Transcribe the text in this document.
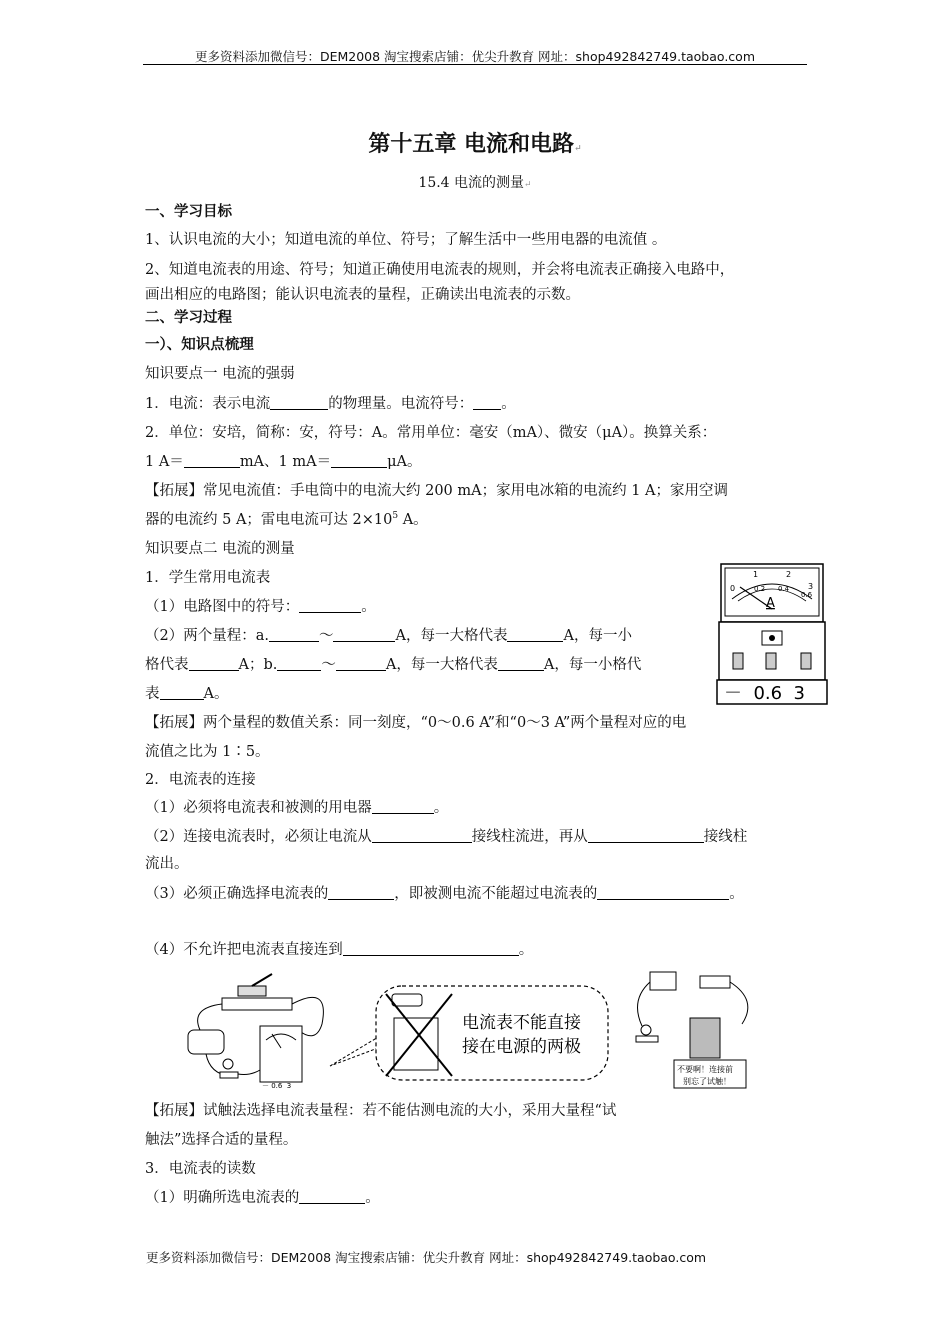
更多资料添加微信号：DEM2008 淘宝搜索店铺：优尖升教育 网址：shop492842749.taobao.com
第十五章 电流和电路↵
15.4 电流的测量↵
一、学习目标
1、认识电流的大小；知道电流的单位、符号；了解生活中一些用电器的电流值 。
2、知道电流表的用途、符号；知道正确使用电流表的规则，并会将电流表正确接入电路中，
画出相应的电路图；能认识电流表的量程，正确读出电流表的示数。
二、学习过程
一）、知识点梳理
知识要点一 电流的强弱
1．电流：表示电流	的物理量。电流符号： 。
2．单位：安培，简称：安，符号：A。常用单位：毫安（mA）、微安（μA）。换算关系：
1 A＝	mA、1 mA＝	μA。
【拓展】常见电流值：手电筒中的电流大约 200 mA；家用电冰箱的电流约 1 A；家用空调
器的电流约 5 A；雷电电流可达 $2\times 10^5$ A。
知识要点二 电流的测量
1．学生常用电流表
（1）电路图中的符号：	。
（2）两个量程：a.	～	A，每一大格代表	A，每一小
格代表	A；b.	～	A，每一大格代表	A，每一小格代
表	A。
【拓展】两个量程的数值关系：同一刻度，“0～0.6 A”和“0～3 A”两个量程对应的电
流值之比为 1∶5。
2．电流表的连接
（1）必须将电流表和被测的用电器	。
（2）连接电流表时，必须让电流从	接线柱流进，再从	接线柱
流出。
（3）必须正确选择电流表的	，即被测电流不能超过电流表的	。
（4）不允许把电流表直接连到	。
【拓展】试触法选择电流表量程：若不能估测电流的大小，采用大量程“试
触法”选择合适的量程。
3．电流表的读数
（1）明确所选电流表的	。
更多资料添加微信号：DEM2008 淘宝搜索店铺：优尖升教育 网址：shop492842749.taobao.com
0
1	2
3
0.2 0.4
0.6
A
－  0.6  3
－ 0.6  3
电流表不能直接
接在电源的两极
不要啊！连接前
别忘了试触！
